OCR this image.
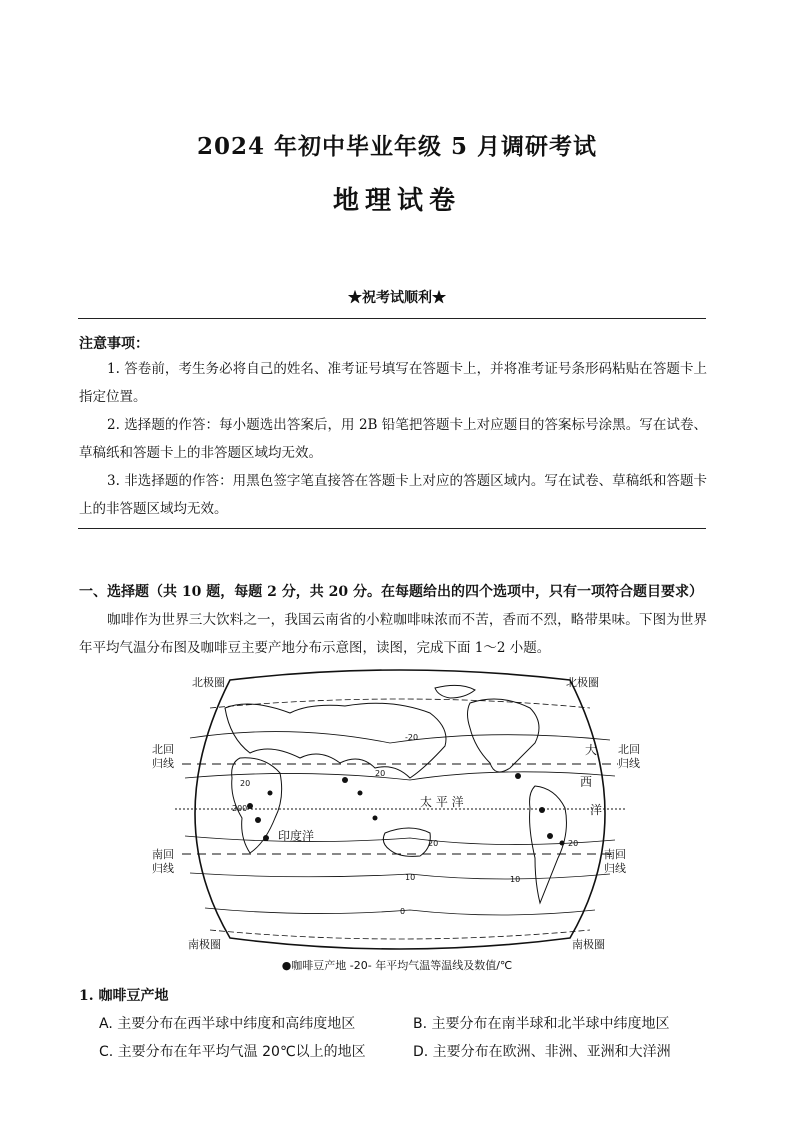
2024 年初中毕业年级 5 月调研考试
地理试卷
★祝考试顺利★
注意事项：
1. 答卷前，考生务必将自己的姓名、准考证号填写在答题卡上，并将准考证号条形码粘贴在答题卡上指定位置。
2. 选择题的作答：每小题选出答案后，用 2B 铅笔把答题卡上对应题目的答案标号涂黑。写在试卷、草稿纸和答题卡上的非答题区域均无效。
3. 非选择题的作答：用黑色签字笔直接答在答题卡上对应的答题区域内。写在试卷、草稿纸和答题卡上的非答题区域均无效。
一、选择题（共 10 题，每题 2 分，共 20 分。在每题给出的四个选项中，只有一项符合题目要求）
咖啡作为世界三大饮料之一，我国云南省的小粒咖啡味浓而不苦，香而不烈，略带果味。下图为世界年平均气温分布图及咖啡豆主要产地分布示意图，读图，完成下面 1～2 小题。
北极圈	北极圈
北回
归线
北回
归线
南回
归线
南回
归线
南极圈	南极圈
太 平 洋
印度洋
大
西
洋
20
20
200
20	20
10	10
0
-20
●咖啡豆产地 -20- 年平均气温等温线及数值/℃
1. 咖啡豆产地
A. 主要分布在西半球中纬度和高纬度地区	B. 主要分布在南半球和北半球中纬度地区
C. 主要分布在年平均气温 20℃以上的地区	D. 主要分布在欧洲、非洲、亚洲和大洋洲
